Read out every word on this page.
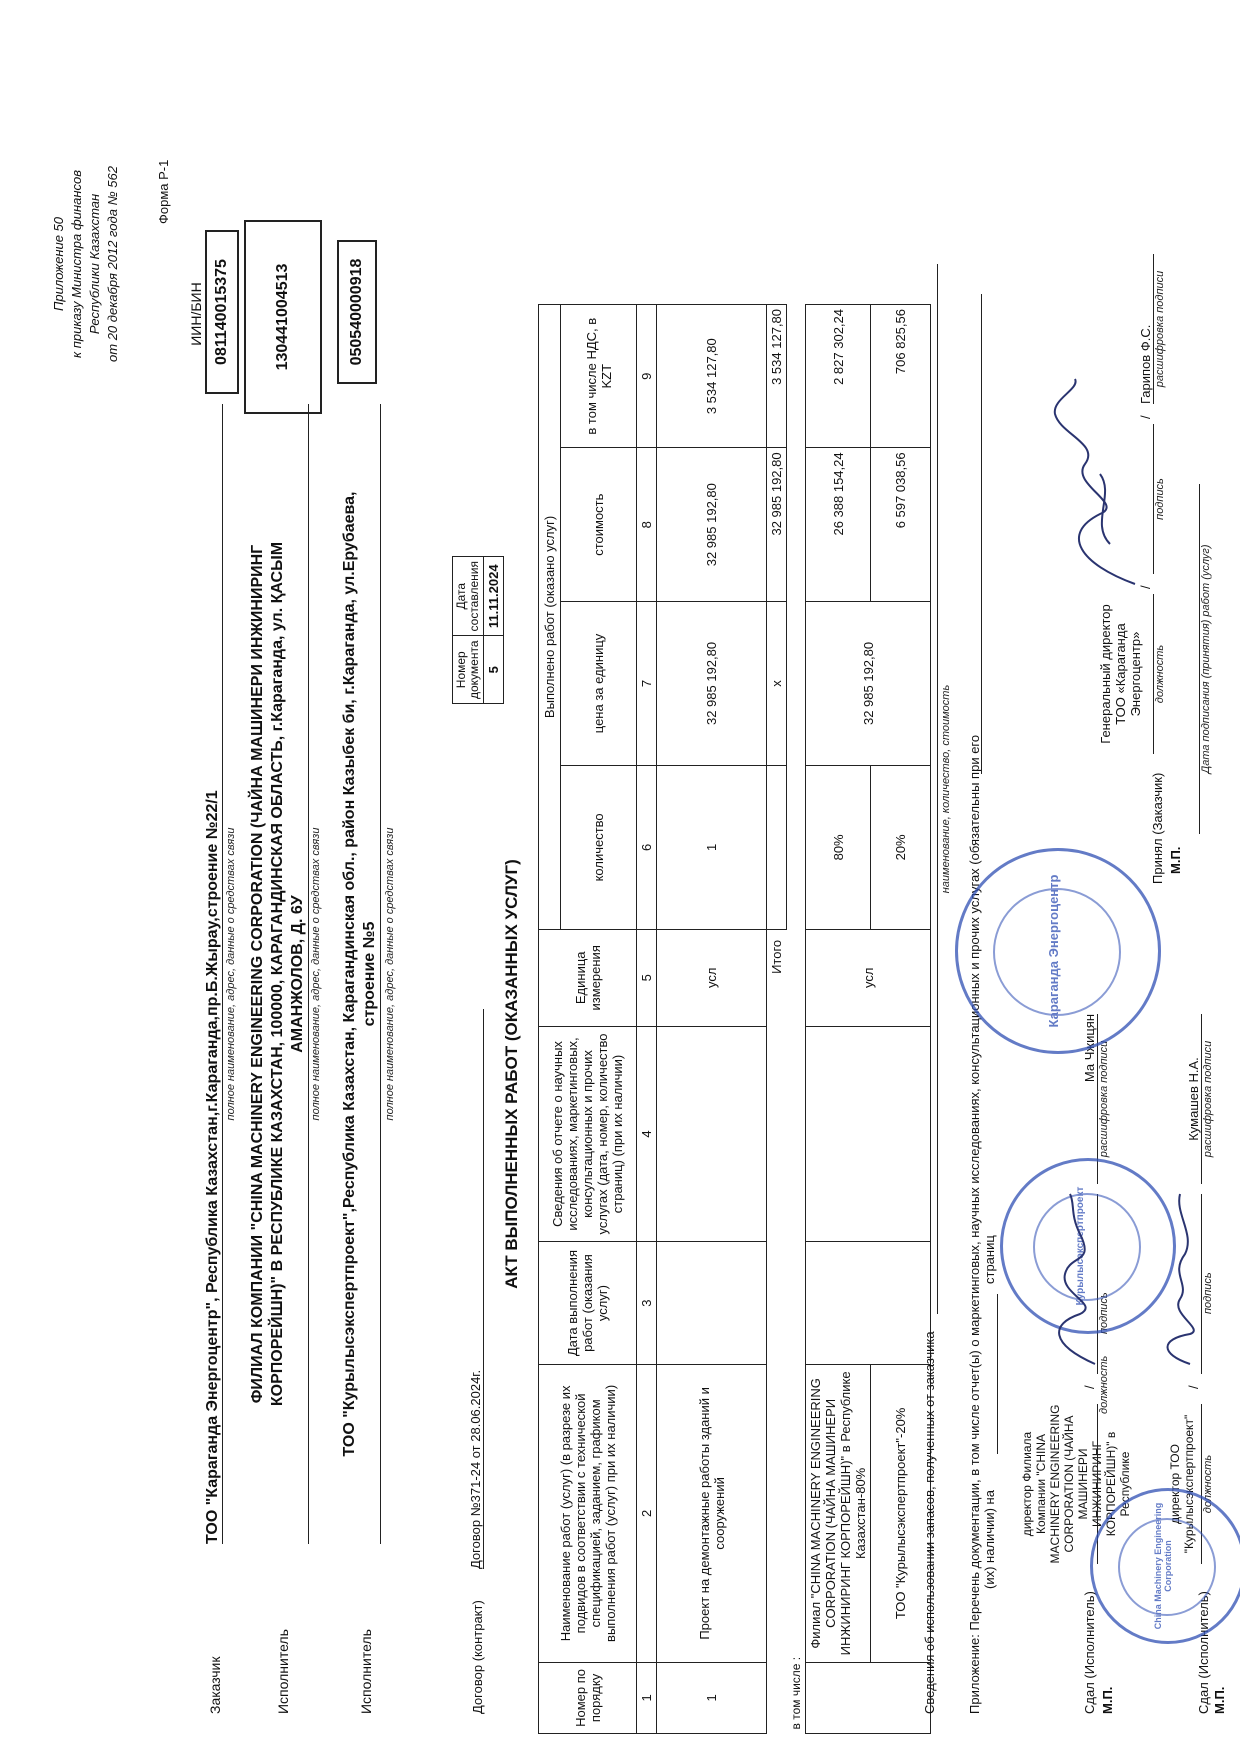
Приложение 50 к приказу Министра финансов Республики Казахстан от 20 декабря 2012 года № 562	Форма Р-1
ИИН/БИН
Заказчик
ТОО "Караганда Энергоцентр", Республика Казахстан,г.Караганда,пр.Б.Жырау,строение №22/1 полное наименование, адрес, данные о средствах связи
081140015375
Исполнитель
ФИЛИАЛ КОМПАНИИ "CHINA MACHINERY ENGINEERING CORPORATION (ЧАЙНА МАШИНЕРИ ИНЖИНИРИНГ КОРПОРЕЙШН)" В РЕСПУБЛИКЕ КАЗАХСТАН, 100000, КАРАГАНДИНСКАЯ ОБЛАСТЬ, г.Караганда, ул. ҚАСЫМ АМАНЖОЛОВ, Д. 6У полное наименование, адрес, данные о средствах связи
130441004513
Исполнитель
ТОО "Курылысэкспертпроект",Республика Казахстан, Карагандинская обл., район Казыбек би, г.Караганда, ул.Ерубаева, строение №5 полное наименование, адрес, данные о средствах связи
050540000918
Договор (контракт)
Договор №371-24 от 28.06.2024г.
Номер документа	Дата составления
5	11.11.2024
АКТ ВЫПОЛНЕННЫХ РАБОТ (ОКАЗАННЫХ УСЛУГ)
Номер по порядку	Наименование работ (услуг) (в разрезе их подвидов в соответствии с технической спецификацией, заданием, графиком выполнения работ (услуг) при их наличии)	Дата выполнения работ (оказания услуг)	Сведения об отчете о научных исследованиях, маркетинговых, консультационных и прочих услугах (дата, номер, количество страниц) (при их наличии)	Единица измерения	Выполнено работ (оказано услуг)			
					количество	цена за единицу	стоимость	в том числе НДС, в KZT
1	2	3	4	5	6	7	8	9
1	Проект на демонтажные работы зданий и сооружений			усл	1	32 985 192,80	32 985 192,80	3 534 127,80
Итого						x	32 985 192,80	3 534 127,80
в том числе :								
	Филиал "CHINA MACHINERY ENGINEERING CORPORATION (ЧАЙНА МАШИНЕРИ ИНЖИНИРИНГ КОРПОРЕЙШН)" в Республике Казахстан-80%			усл	80%	32 985 192,80	26 388 154,24	2 827 302,24
	ТОО "Курылысэкспертпроект"-20%				20%		6 597 038,56	706 825,56
Сведения об использовании запасов, полученных от заказчика
наименование, количество, стоимость Приложение: Перечень документации, в том числе отчет(ы) о маркетинговых, научных исследованиях, консультационных и прочих услугах (обязательны при его (их) наличии) на
страниц
Сдал (Исполнитель)
директор Филиала Компании "CHINA MACHINERY ENGINEERING CORPORATION (ЧАЙНА МАШИНЕРИ ИНЖИНИРИНГ КОРПОРЕЙШН)" в Республике
должность
/
подпись
Ма Чжицян расшифровка подписи
М.П.	Сдал (Исполнитель)
директор ТОО "Курылысэкспертпроект" должность
/
подпись
Кумашев Н.А. расшифровка подписи
М.П.
Принял (Заказчик)
Генеральный директор ТОО «Караганда Энергоцентр» должность
/
подпись
/
Гарипов Ф.С. расшифровка подписи
М.П.
Дата подписания (принятия) работ (услуг)
China Machinery Engineering Corporation
Курылысэкспертпроект
Караганда Энергоцентр
